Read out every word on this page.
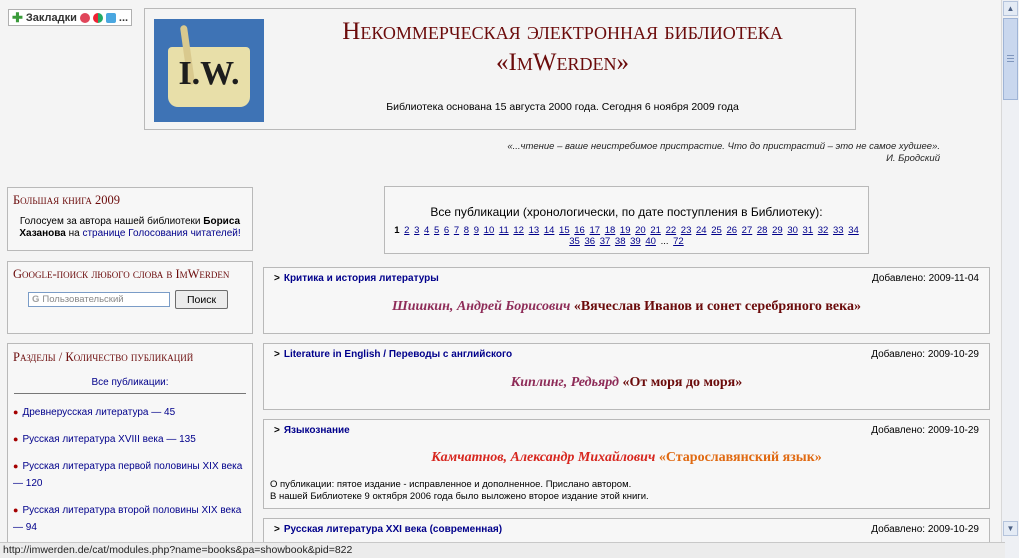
✚ Закладки	...
I.W.
Некоммерческая электронная библиотека
«ImWerden»
Библиотека основана 15 августа 2000 года. Сегодня 6 ноября 2009 года
«...чтение – ваше неистребимое пристрастие. Что до пристрастий – это не самое худшее».
И. Бродский
Большая книга 2009
Голосуем за автора нашей библиотеки Бориса Хазанова на странице Голосования читателей!
Google-поиск любого слова в ImWerden
G Пользовательский	Поиск
Разделы / Количество публикаций
Все публикации:
● Древнерусская литература — 45
● Русская литература XVIII века — 135
● Русская литература первой половины XIX века — 120
● Русская литература второй половины XIX века — 94
Все публикации (хронологически, по дате поступления в Библиотеку):
1 2 3 4 5 6 7 8 9 10 11 12 13 14 15 16 17 18 19 20 21 22 23 24 25 26 27 28 29 30 31 32 33 34 35 36 37 38 39 40 ... 72
> Критика и история литературы	Добавлено: 2009-11-04
Шишкин, Андрей Борисович «Вячеслав Иванов и сонет серебряного века»
> Literature in English / Переводы с английского	Добавлено: 2009-10-29
Киплинг, Редьярд «От моря до моря»
> Языкознание	Добавлено: 2009-10-29
Камчатнов, Александр Михайлович «Старославянский язык»
О публикации: пятое издание - исправленное и дополненное. Прислано автором.
В нашей Библиотеке 9 октября 2006 года было выложено второе издание этой книги.
> Русская литература XXI века (современная)	Добавлено: 2009-10-29
▲
▼
http://imwerden.de/cat/modules.php?name=books&pa=showbook&pid=822
